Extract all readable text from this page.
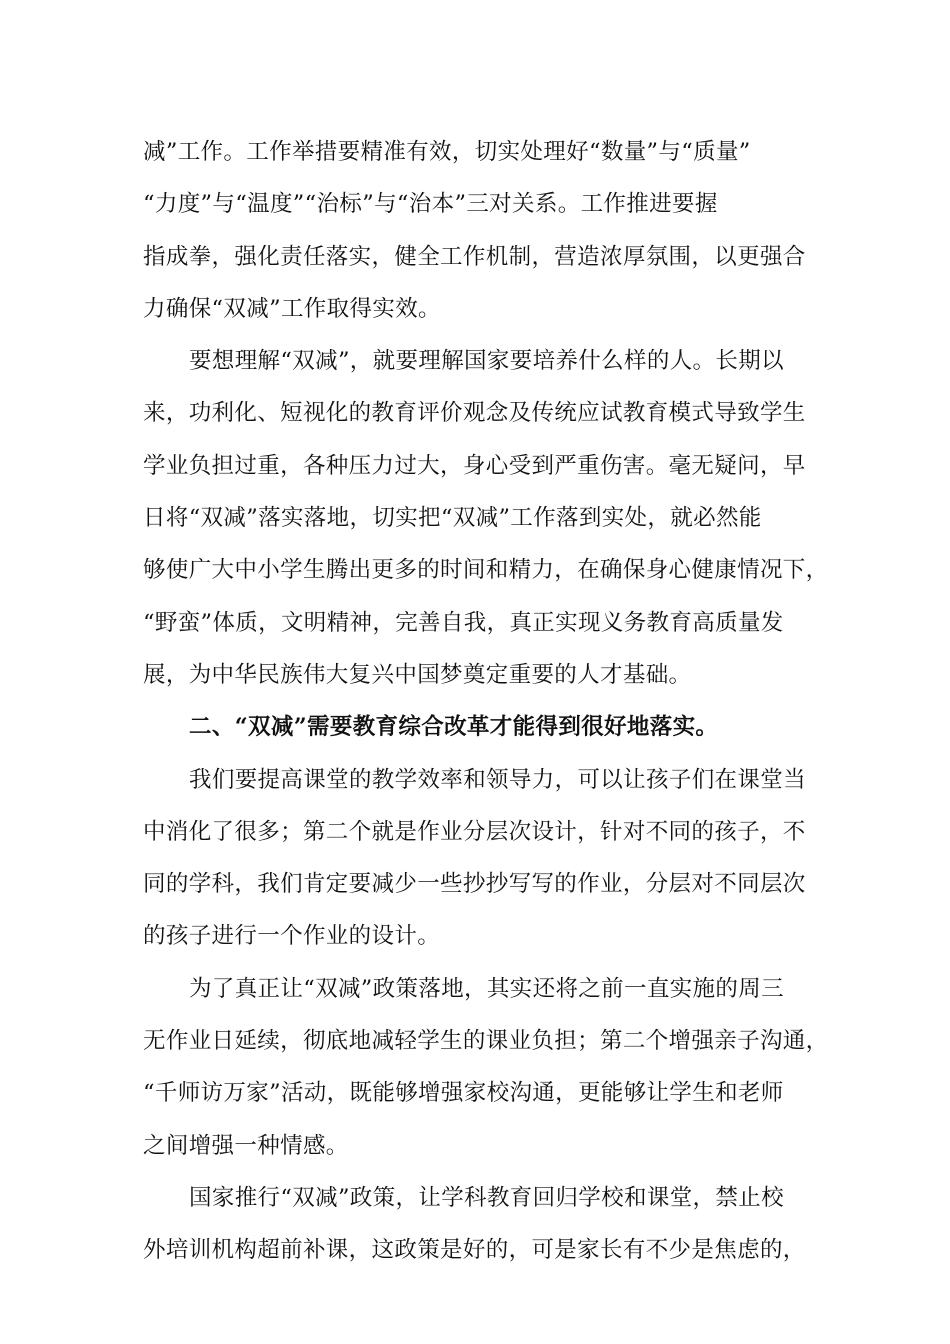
减”工作。工作举措要精准有效，切实处理好“数量”与“质量”
“力度”与“温度”“治标”与“治本”三对关系。工作推进要握
指成拳，强化责任落实，健全工作机制，营造浓厚氛围，以更强合
力确保“双减”工作取得实效。
要想理解“双减”，就要理解国家要培养什么样的人。长期以
来，功利化、短视化的教育评价观念及传统应试教育模式导致学生
学业负担过重，各种压力过大，身心受到严重伤害。毫无疑问，早
日将“双减”落实落地，切实把“双减”工作落到实处，就必然能
够使广大中小学生腾出更多的时间和精力，在确保身心健康情况下，
“野蛮”体质，文明精神，完善自我，真正实现义务教育高质量发
展，为中华民族伟大复兴中国梦奠定重要的人才基础。
二、“双减”需要教育综合改革才能得到很好地落实。
我们要提高课堂的教学效率和领导力，可以让孩子们在课堂当
中消化了很多；第二个就是作业分层次设计，针对不同的孩子，不
同的学科，我们肯定要减少一些抄抄写写的作业，分层对不同层次
的孩子进行一个作业的设计。
为了真正让“双减”政策落地，其实还将之前一直实施的周三
无作业日延续，彻底地减轻学生的课业负担；第二个增强亲子沟通，
“千师访万家”活动，既能够增强家校沟通，更能够让学生和老师
之间增强一种情感。
国家推行“双减”政策，让学科教育回归学校和课堂，禁止校
外培训机构超前补课，这政策是好的，可是家长有不少是焦虑的，
